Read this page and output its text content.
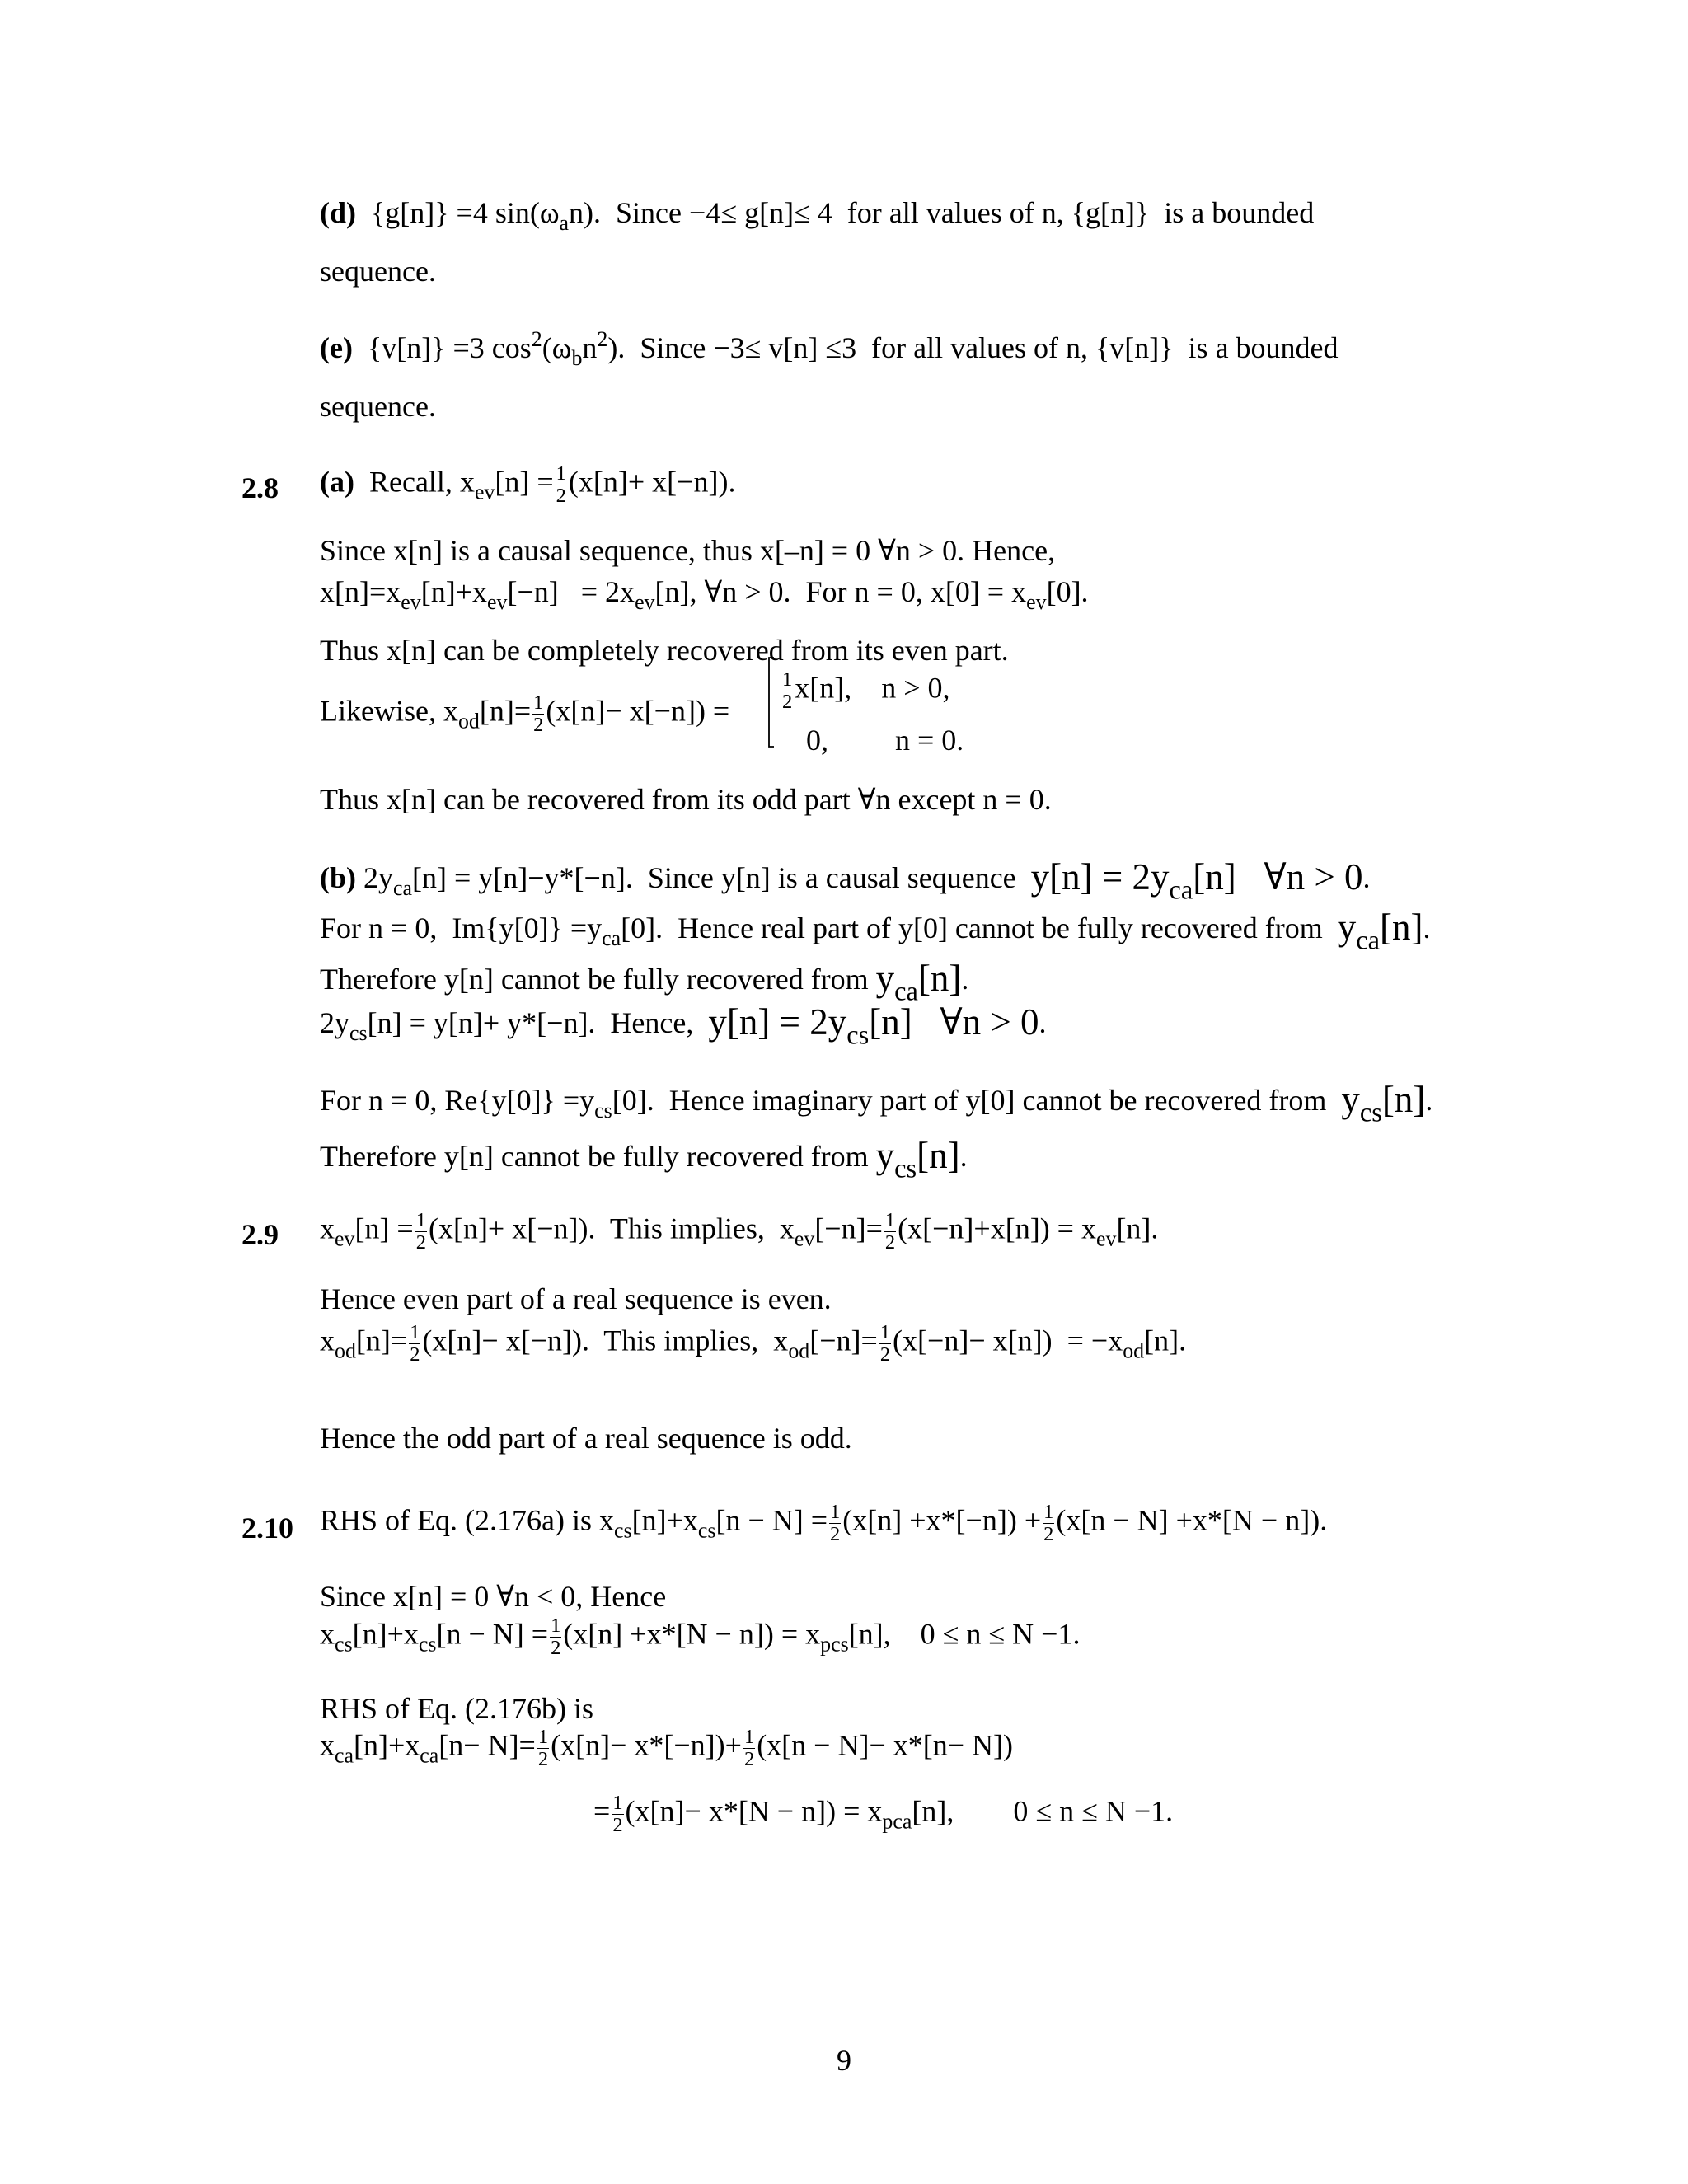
(d)  {g[n]} =4 $\sin(\omega_an)$.  Since −4≤ g[n]≤ 4  for all values of n, {g[n]}  is a bounded
sequence.
(e)  {v[n]} =3 $\cos^2(\omega_bn^2)$.  Since −3≤ v[n] ≤3  for all values of n, {v[n]}  is a bounded
sequence.
2.8 (a) Recall, $x_{ev}[n] = \frac{1}{2} (x[n]+ x[-n])$.
Since x[n] is a causal sequence, thus x[–n] = 0 ∀n > 0. Hence,
$x[n]=x_{ev}[n]+x_{ev}[-n] = 2x_{ev}[n]$, ∀n > 0.  For n = 0, $x[0] = x_{ev}[0]$.
Thus x[n] can be completely recovered from its even part.
Likewise, $x_{od}[n]= \frac{1}{2} (x[n]- x[-n])$ =	$\frac{1}{2} x[n]$,    n > 0,
0,         n = 0.
Thus x[n] can be recovered from its odd part ∀n except n = 0.
(b) $2y_{ca}[n] = y[n]-y*[-n]$.  Since y[n] is a causal sequence  $y[n] = 2y_{ca}[n]$   ∀n > 0.
For n = 0,  $Im\{y[0]\} =y_{ca}[0]$.  Hence real part of y[0] cannot be fully recovered from  $y_{ca}[n]$.
Therefore y[n] cannot be fully recovered from $y_{ca}[n]$.
$2y_{cs}[n] = y[n]+ y*[-n]$.  Hence,  $y[n] = 2y_{cs}[n]$   ∀n > 0.
For n = 0, $Re\{y[0]\} =y_{cs}[0]$.  Hence imaginary part of y[0] cannot be recovered from  $y_{cs}[n]$.
Therefore y[n] cannot be fully recovered from $y_{cs}[n]$.
2.9 $x_{ev}[n] = \frac{1}{2} (x[n]+ x[-n])$.  This implies,  $x_{ev}[-n]= \frac{1}{2} (x[-n]+x[n]) = x_{ev}[n]$.
Hence even part of a real sequence is even.
$x_{od}[n]= \frac{1}{2} (x[n]- x[-n])$.  This implies,  $x_{od}[-n]= \frac{1}{2} (x[-n]- x[n]) = -x_{od}[n]$.
Hence the odd part of a real sequence is odd.
2.10 RHS of Eq. (2.176a) is $x_{cs}[n]+x_{cs}[n - N] = \frac{1}{2} (x[n] +x*[-n]) + \frac{1}{2} (x[n - N] +x*[N - n])$.
Since x[n] = 0 ∀n < 0, Hence
$x_{cs}[n]+x_{cs}[n - N] = \frac{1}{2} (x[n] +x*[N - n]) = x_{pcs}[n]$,    0 ≤ n ≤ N −1.
RHS of Eq. (2.176b) is
$x_{ca}[n]+x_{ca}[n- N]= \frac{1}{2} (x[n]- x*[-n])+ \frac{1}{2} (x[n - N]- x*[n- N])$
= $\frac{1}{2} (x[n]- x*[N - n]) = x_{pca}[n]$,        0 ≤ n ≤ N −1.
9
